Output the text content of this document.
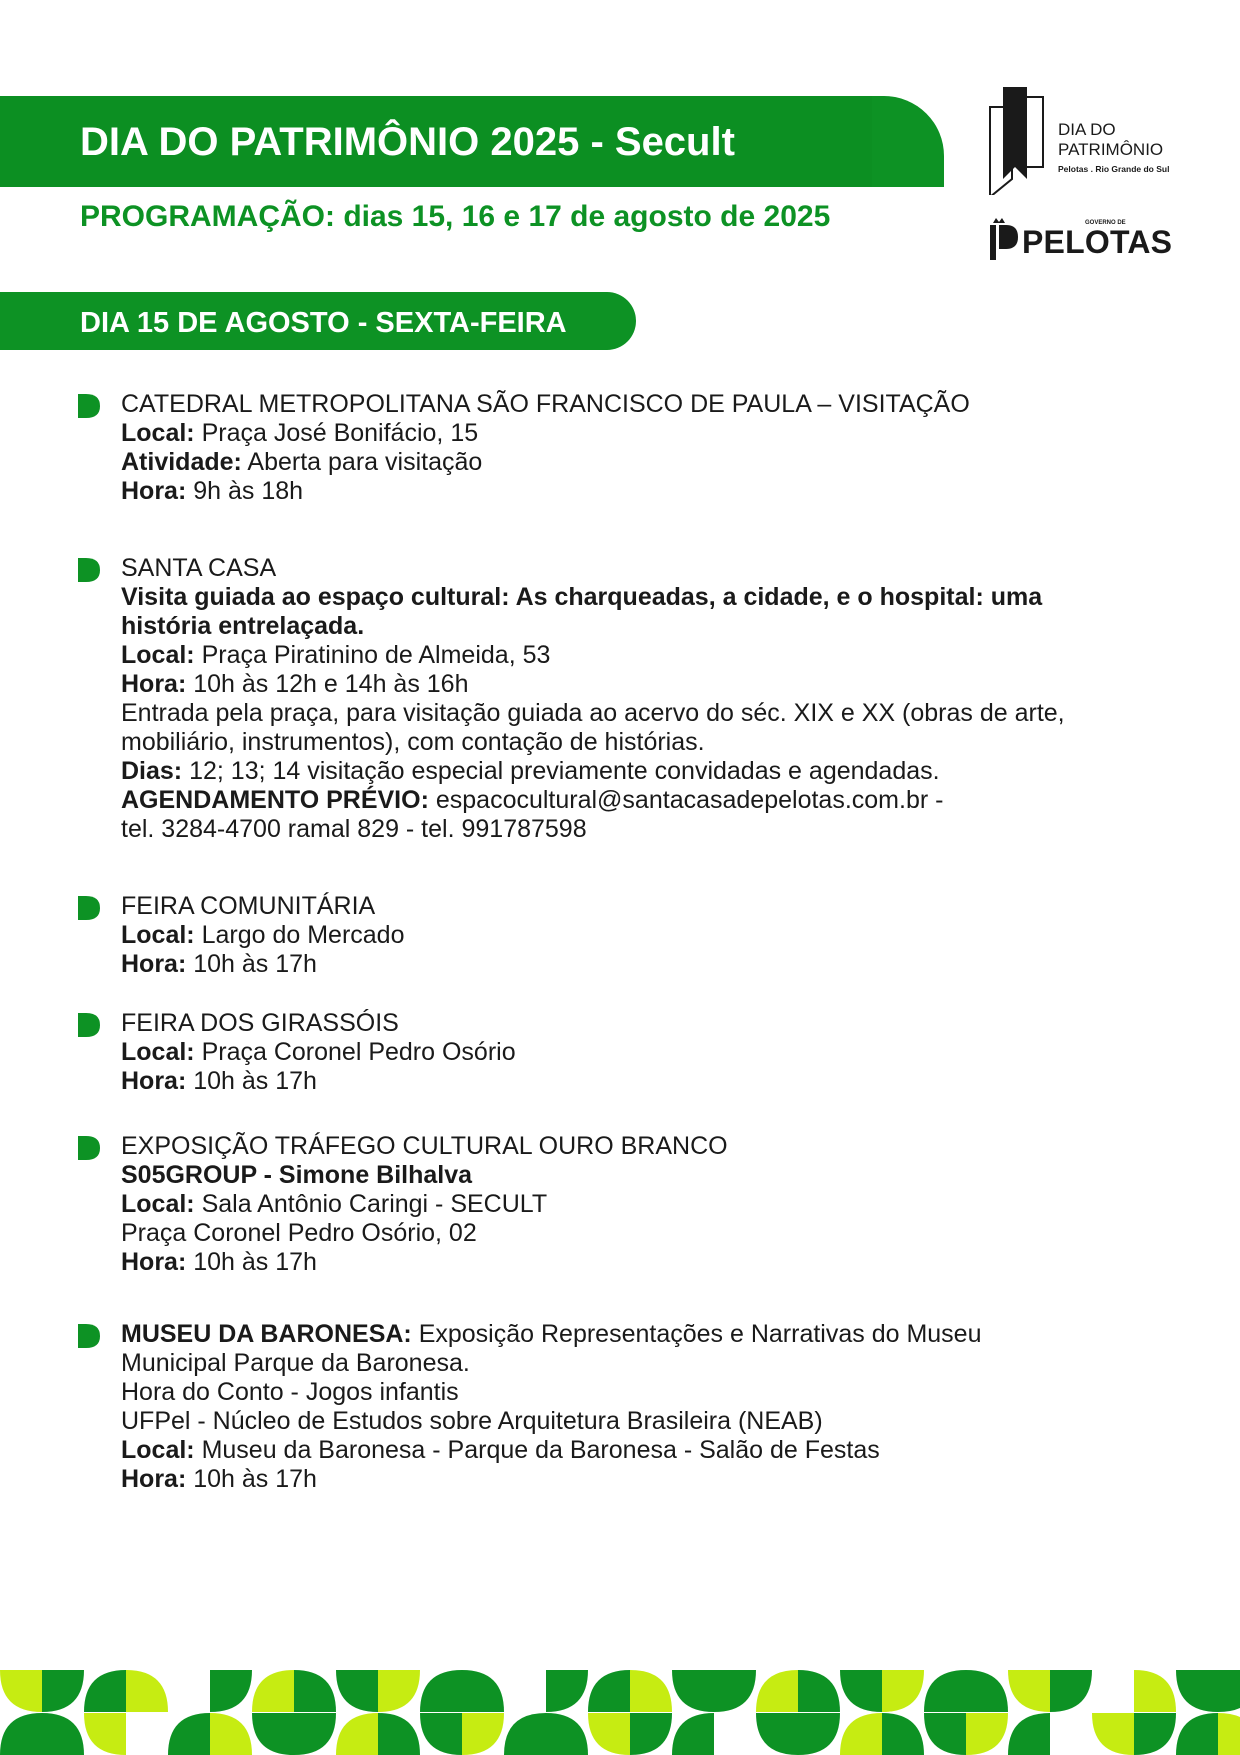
DIA DO PATRIMÔNIO 2025 - Secult
PROGRAMAÇÃO: dias 15, 16 e 17 de agosto de 2025
DIA DO
PATRIMÔNIO
Pelotas . Rio Grande do Sul
GOVERNO DE
PELOTAS
DIA 15 DE AGOSTO - SEXTA-FEIRA
CATEDRAL METROPOLITANA SÃO FRANCISCO DE PAULA – VISITAÇÃO
Local: Praça José Bonifácio, 15
Atividade: Aberta para visitação
Hora: 9h às 18h
SANTA CASA
Visita guiada ao espaço cultural: As charqueadas, a cidade, e o hospital: uma história entrelaçada.
Local: Praça Piratinino de Almeida, 53
Hora: 10h às 12h e 14h às 16h
Entrada pela praça, para visitação guiada ao acervo do séc. XIX e XX (obras de arte, mobiliário, instrumentos), com contação de histórias.
Dias: 12; 13; 14 visitação especial previamente convidadas e agendadas.
AGENDAMENTO PRÉVIO: espacocultural@santacasadepelotas.com.br -
tel. 3284-4700 ramal 829 - tel. 991787598
FEIRA COMUNITÁRIA
Local: Largo do Mercado
Hora: 10h às 17h
FEIRA DOS GIRASSÓIS
Local: Praça Coronel Pedro Osório
Hora: 10h às 17h
EXPOSIÇÃO TRÁFEGO CULTURAL OURO BRANCO
S05GROUP - Simone Bilhalva
Local: Sala Antônio Caringi - SECULT
Praça Coronel Pedro Osório, 02
Hora: 10h às 17h
MUSEU DA BARONESA: Exposição Representações e Narrativas do Museu
Municipal Parque da Baronesa.
Hora do Conto - Jogos infantis
UFPel - Núcleo de Estudos sobre Arquitetura Brasileira (NEAB)
Local: Museu da Baronesa - Parque da Baronesa - Salão de Festas
Hora: 10h às 17h
